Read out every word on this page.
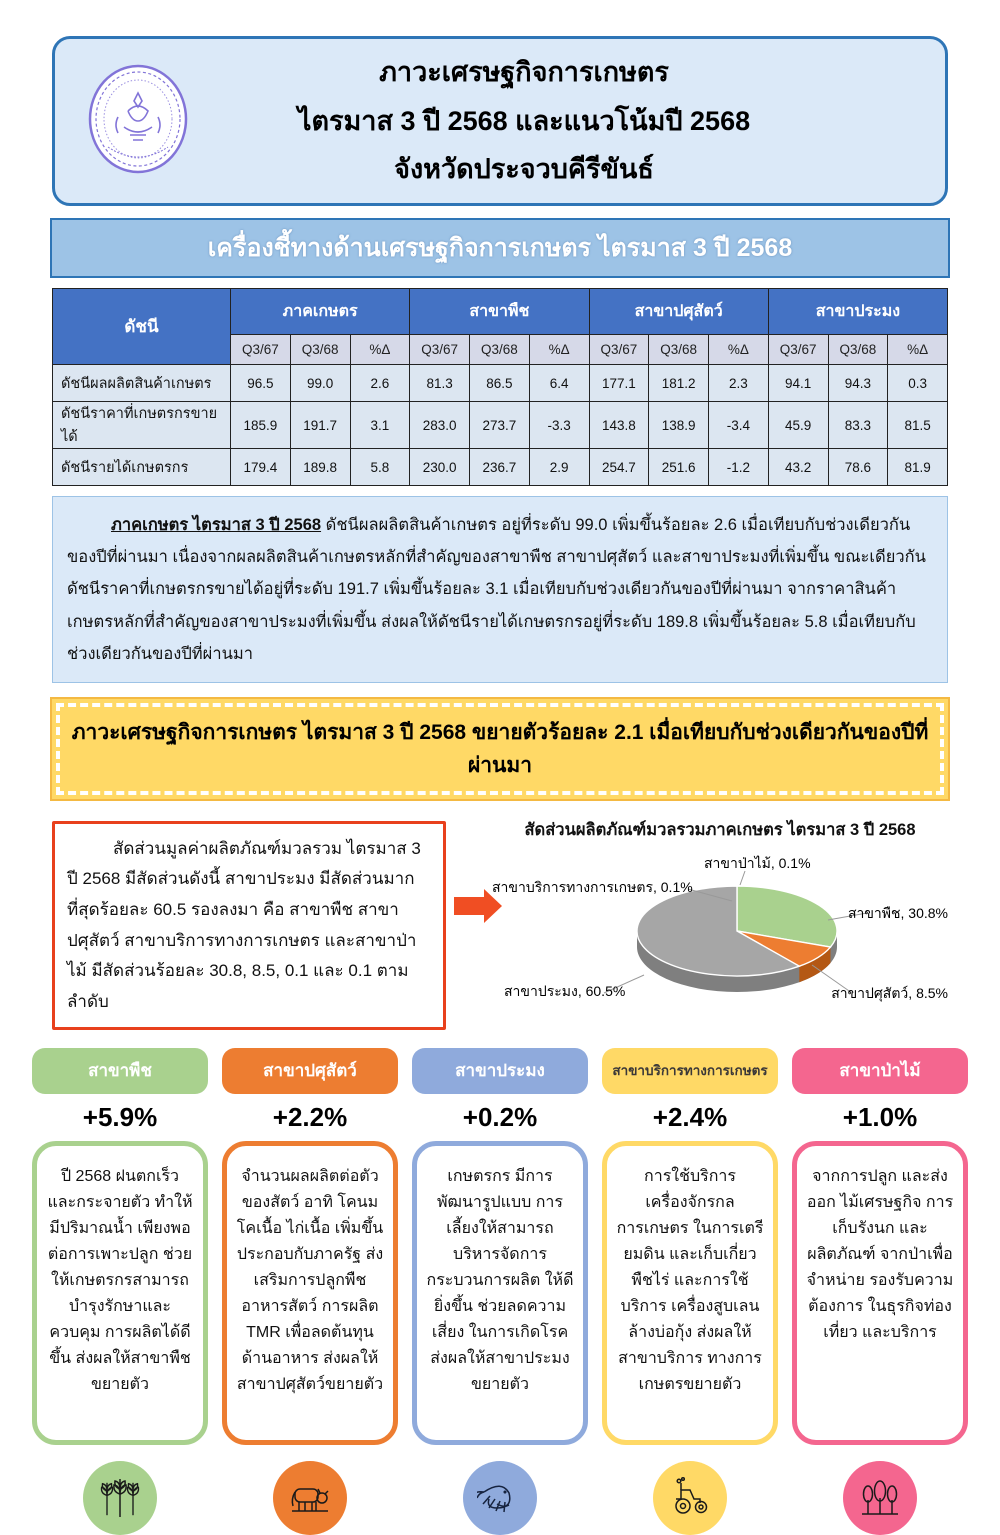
ภาวะเศรษฐกิจการเกษตร
ไตรมาส 3 ปี 2568 และแนวโน้มปี 2568
จังหวัดประจวบคีรีขันธ์
เครื่องชี้ทางด้านเศรษฐกิจการเกษตร ไตรมาส 3 ปี 2568
ดัชนี	ภาคเกษตร			สาขาพืช			สาขาปศุสัตว์			สาขาประมง		
	Q3/67	Q3/68	%Δ	Q3/67	Q3/68	%Δ	Q3/67	Q3/68	%Δ	Q3/67	Q3/68	%Δ
ดัชนีผลผลิตสินค้าเกษตร	96.5	99.0	2.6	81.3	86.5	6.4	177.1	181.2	2.3	94.1	94.3	0.3
ดัชนีราคาที่เกษตรกรขายได้	185.9	191.7	3.1	283.0	273.7	-3.3	143.8	138.9	-3.4	45.9	83.3	81.5
ดัชนีรายได้เกษตรกร	179.4	189.8	5.8	230.0	236.7	2.9	254.7	251.6	-1.2	43.2	78.6	81.9
ภาคเกษตร ไตรมาส 3 ปี 2568 ดัชนีผลผลิตสินค้าเกษตร อยู่ที่ระดับ 99.0 เพิ่มขึ้นร้อยละ 2.6 เมื่อเทียบกับช่วงเดียวกันของปีที่ผ่านมา เนื่องจากผลผลิตสินค้าเกษตรหลักที่สำคัญของสาขาพืช สาขาปศุสัตว์ และสาขาประมงที่เพิ่มขึ้น ขณะเดียวกันดัชนีราคาที่เกษตรกรขายได้อยู่ที่ระดับ 191.7 เพิ่มขึ้นร้อยละ 3.1 เมื่อเทียบกับช่วงเดียวกันของปีที่ผ่านมา จากราคาสินค้าเกษตรหลักที่สำคัญของสาขาประมงที่เพิ่มขึ้น ส่งผลให้ดัชนีรายได้เกษตรกรอยู่ที่ระดับ 189.8 เพิ่มขึ้นร้อยละ 5.8 เมื่อเทียบกับช่วงเดียวกันของปีที่ผ่านมา
ภาวะเศรษฐกิจการเกษตร ไตรมาส 3 ปี 2568 ขยายตัวร้อยละ 2.1 เมื่อเทียบกับช่วงเดียวกันของปีที่ผ่านมา
สัดส่วนมูลค่าผลิตภัณฑ์มวลรวม ไตรมาส 3 ปี 2568 มีสัดส่วนดังนี้ สาขาประมง มีสัดส่วนมากที่สุดร้อยละ 60.5 รองลงมา คือ สาขาพืช สาขาปศุสัตว์ สาขาบริการทางการเกษตร และสาขาป่าไม้ มีสัดส่วนร้อยละ 30.8, 8.5, 0.1 และ 0.1 ตามลำดับ
สัดส่วนผลิตภัณฑ์มวลรวมภาคเกษตร ไตรมาส 3 ปี 2568
สาขาบริการทางการเกษตร, 0.1%
สาขาป่าไม้, 0.1%
สาขาพืช, 30.8%
สาขาปศุสัตว์, 8.5%
สาขาประมง, 60.5%
สาขาพืช	สาขาปศุสัตว์	สาขาประมง	สาขาบริการทางการเกษตร	สาขาป่าไม้
+5.9%	+2.2%	+0.2%	+2.4%	+1.0%
ปี 2568 ฝนตกเร็ว และกระจายตัว ทำให้มีปริมาณน้ำ เพียงพอต่อการเพาะปลูก ช่วยให้เกษตรกรสามารถ บำรุงรักษาและควบคุม การผลิตได้ดีขึ้น ส่งผลให้สาขาพืช ขยายตัว
จำนวนผลผลิตต่อตัว ของสัตว์ อาทิ โคนม โคเนื้อ ไก่เนื้อ เพิ่มขึ้น ประกอบกับภาครัฐ ส่งเสริมการปลูกพืช อาหารสัตว์ การผลิต TMR เพื่อลดต้นทุน ด้านอาหาร ส่งผลให้ สาขาปศุสัตว์ขยายตัว
เกษตรกร มีการพัฒนารูปแบบ การเลี้ยงให้สามารถ บริหารจัดการ กระบวนการผลิต ให้ดียิ่งขึ้น ช่วยลดความเสี่ยง ในการเกิดโรค ส่งผลให้สาขาประมง ขยายตัว
การใช้บริการ เครื่องจักรกลการเกษตร ในการเตรียมดิน และเก็บเกี่ยวพืชไร่ และการใช้บริการ เครื่องสูบเลนล้างบ่อกุ้ง ส่งผลให้สาขาบริการ ทางการเกษตรขยายตัว
จากการปลูก และส่งออก ไม้เศรษฐกิจ การเก็บรังนก และผลิตภัณฑ์ จากป่าเพื่อจำหน่าย รองรับความต้องการ ในธุรกิจท่องเที่ยว และบริการ
